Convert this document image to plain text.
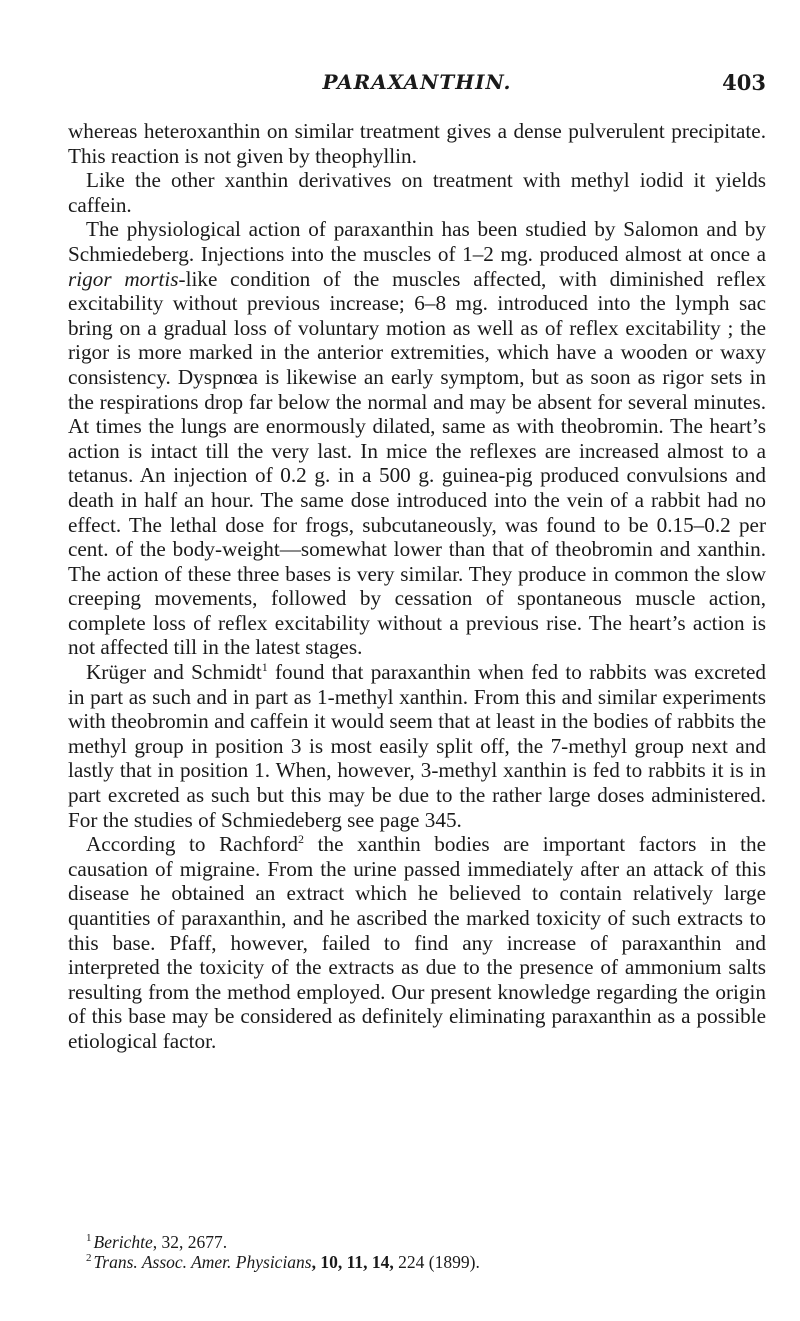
PARAXANTHIN.	403

whereas heteroxanthin on similar treatment gives a dense pulverulent precipitate. This reaction is not given by theophyllin.

Like the other xanthin derivatives on treatment with methyl iodid it yields caffein.

The physiological action of paraxanthin has been studied by Salomon and by Schmiedeberg. Injections into the muscles of 1–2 mg. produced almost at once a rigor mortis-like condition of the muscles affected, with diminished reflex excitability without previous increase; 6–8 mg. introduced into the lymph sac bring on a gradual loss of voluntary motion as well as of reflex excitability ; the rigor is more marked in the anterior extremities, which have a wooden or waxy consistency. Dyspnœa is likewise an early symptom, but as soon as rigor sets in the respirations drop far below the normal and may be absent for several minutes. At times the lungs are enormously dilated, same as with theobromin. The heart’s action is intact till the very last. In mice the reflexes are increased almost to a tetanus. An injection of 0.2 g. in a 500 g. guinea-pig produced convulsions and death in half an hour. The same dose introduced into the vein of a rabbit had no effect. The lethal dose for frogs, subcutaneously, was found to be 0.15–0.2 per cent. of the body-weight—somewhat lower than that of theobromin and xanthin. The action of these three bases is very similar. They produce in common the slow creeping movements, followed by cessation of spontaneous muscle action, complete loss of reflex excitability without a previous rise. The heart’s action is not affected till in the latest stages.

Krüger and Schmidt$^1$ found that paraxanthin when fed to rabbits was excreted in part as such and in part as 1-methyl xanthin. From this and similar experiments with theobromin and caffein it would seem that at least in the bodies of rabbits the methyl group in position 3 is most easily split off, the 7-methyl group next and lastly that in position 1. When, however, 3-methyl xanthin is fed to rabbits it is in part excreted as such but this may be due to the rather large doses administered. For the studies of Schmiedeberg see page 345.

According to Rachford$^2$ the xanthin bodies are important factors in the causation of migraine. From the urine passed immediately after an attack of this disease he obtained an extract which he believed to contain relatively large quantities of paraxanthin, and he ascribed the marked toxicity of such extracts to this base. Pfaff, however, failed to find any increase of paraxanthin and interpreted the toxicity of the extracts as due to the presence of ammonium salts resulting from the method employed. Our present knowledge regarding the origin of this base may be considered as definitely eliminating paraxanthin as a possible etiological factor.

$^1$ Berichte, 32, 2677.
$^2$ Trans. Assoc. Amer. Physicians, 10, 11, 14, 224 (1899).
